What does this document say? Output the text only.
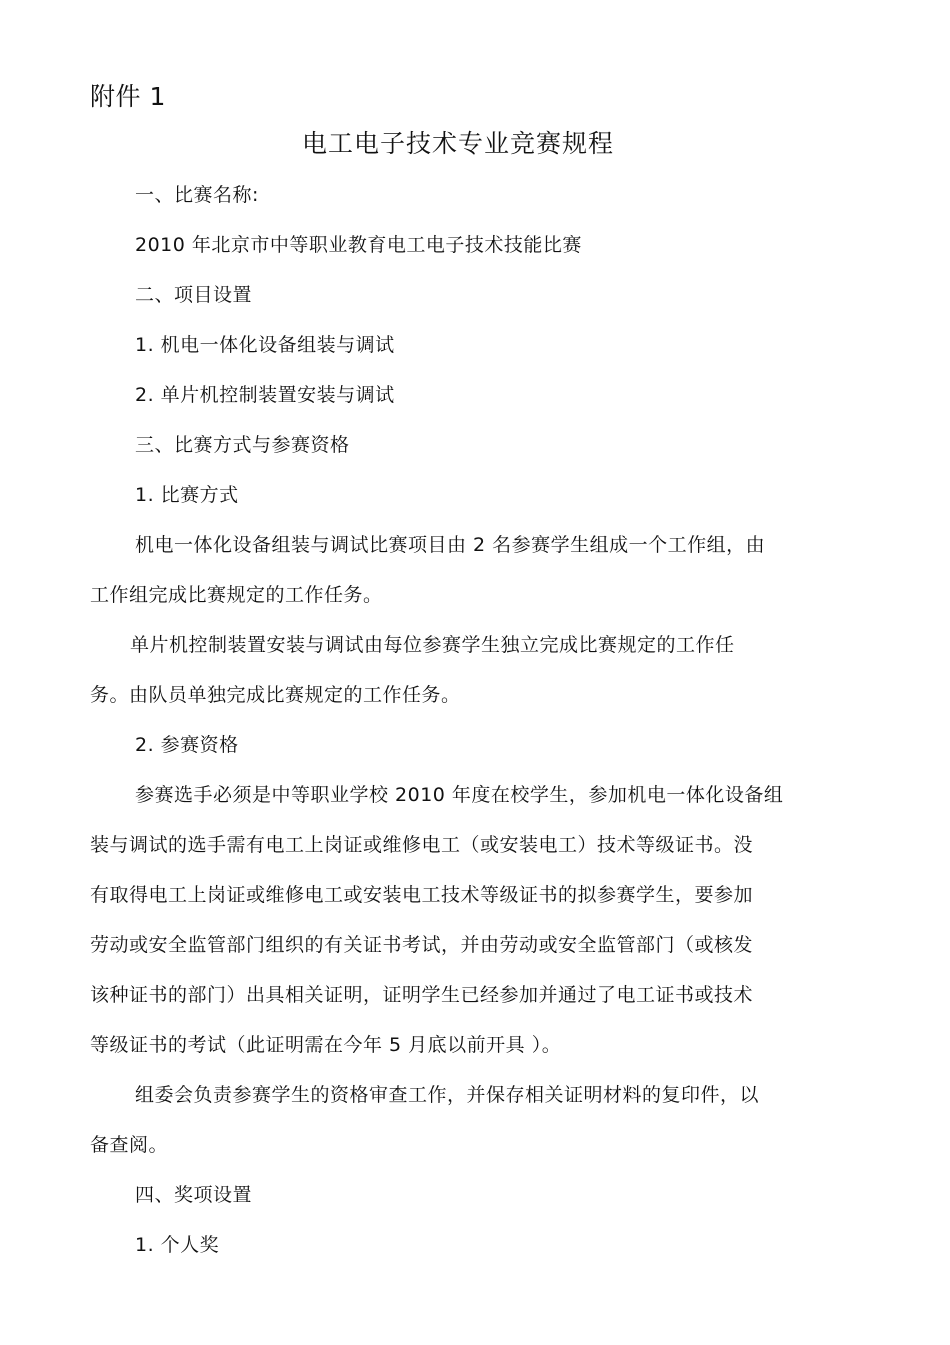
附件 1
电工电子技术专业竞赛规程
一、比赛名称:
2010 年北京市中等职业教育电工电子技术技能比赛
二、项目设置
1. 机电一体化设备组装与调试
2. 单片机控制装置安装与调试
三、比赛方式与参赛资格
1. 比赛方式
机电一体化设备组装与调试比赛项目由 2 名参赛学生组成一个工作组，由
工作组完成比赛规定的工作任务。
单片机控制装置安装与调试由每位参赛学生独立完成比赛规定的工作任
务。由队员单独完成比赛规定的工作任务。
2. 参赛资格
参赛选手必须是中等职业学校 2010 年度在校学生，参加机电一体化设备组
装与调试的选手需有电工上岗证或维修电工（或安装电工）技术等级证书。没
有取得电工上岗证或维修电工或安装电工技术等级证书的拟参赛学生，要参加
劳动或安全监管部门组织的有关证书考试，并由劳动或安全监管部门（或核发
该种证书的部门）出具相关证明，证明学生已经参加并通过了电工证书或技术
等级证书的考试（此证明需在今年 5 月底以前开具 ）。
组委会负责参赛学生的资格审查工作，并保存相关证明材料的复印件，以
备查阅。
四、奖项设置
1. 个人奖
